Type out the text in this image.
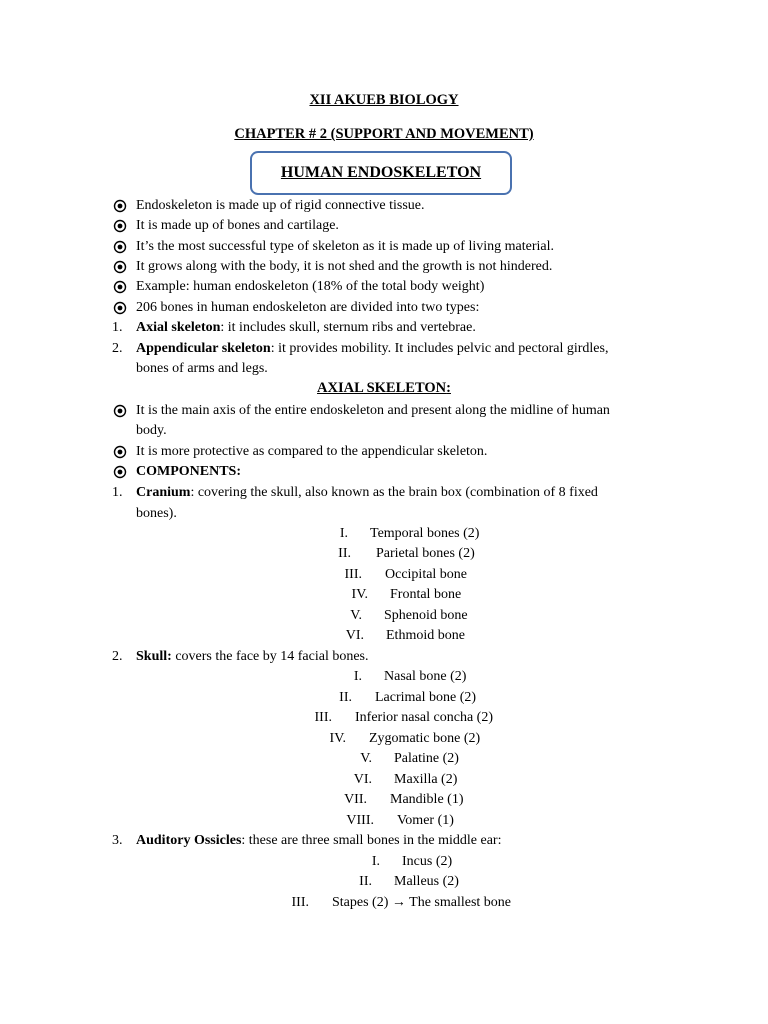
XII AKUEB BIOLOGY
CHAPTER # 2 (SUPPORT AND MOVEMENT)
HUMAN ENDOSKELETON
Endoskeleton is made up of rigid connective tissue.
It is made up of bones and cartilage.
It’s the most successful type of skeleton as it is made up of living material.
It grows along with the body, it is not shed and the growth is not hindered.
Example: human endoskeleton (18% of the total body weight)
206 bones in human endoskeleton are divided into two types:
1. Axial skeleton: it includes skull, sternum ribs and vertebrae.
2. Appendicular skeleton: it provides mobility. It includes pelvic and pectoral girdles,
bones of arms and legs.
AXIAL SKELETON:
It is the main axis of the entire endoskeleton and present along the midline of human
body.
It is more protective as compared to the appendicular skeleton.
COMPONENTS:
1. Cranium: covering the skull, also known as the brain box (combination of 8 fixed
bones).
I. Temporal bones (2)
II. Parietal bones (2)
III. Occipital bone
IV. Frontal bone
V. Sphenoid bone
VI. Ethmoid bone
2. Skull: covers the face by 14 facial bones.
I. Nasal bone (2)
II. Lacrimal bone (2)
III. Inferior nasal concha (2)
IV. Zygomatic bone (2)
V. Palatine (2)
VI. Maxilla (2)
VII. Mandible (1)
VIII. Vomer (1)
3. Auditory Ossicles: these are three small bones in the middle ear:
I. Incus (2)
II. Malleus (2)
III. Stapes (2) → The smallest bone
